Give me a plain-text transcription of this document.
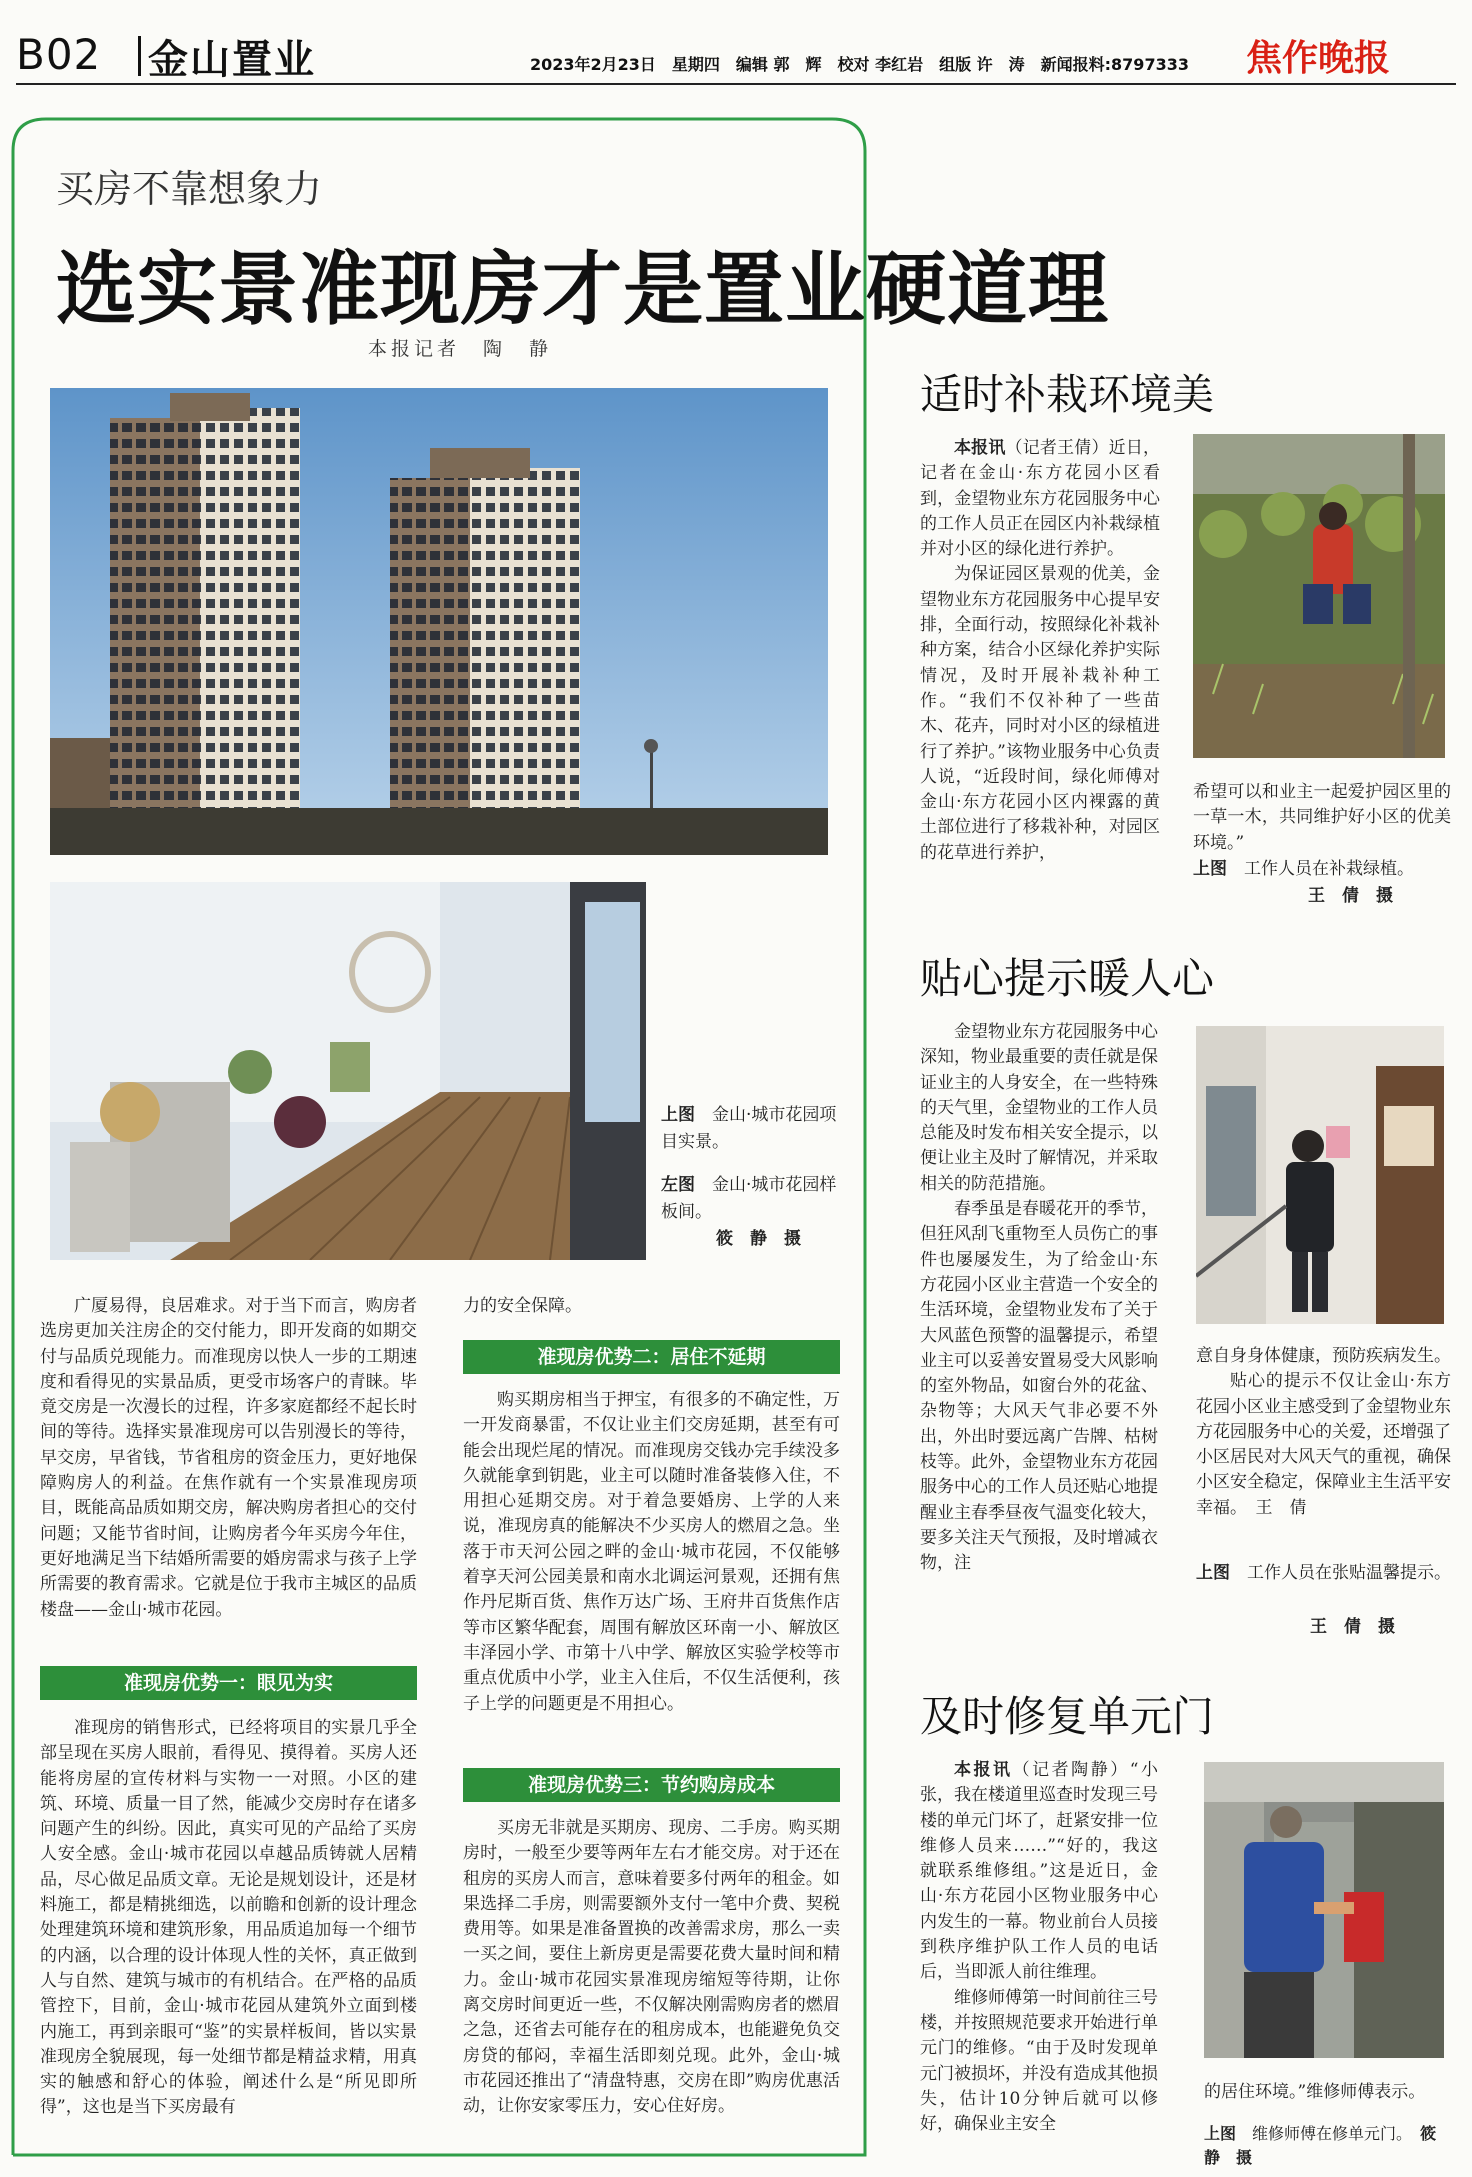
B02 金山置业	2023年2月23日　星期四　编辑 郭　辉　校对 李红岩　组版 许　涛　新闻报料:8797333 焦作晚报
买房不靠想象力
选实景准现房才是置业硬道理
本报记者　陶　静
上图　 金山·城市花园项目实景。
左图　 金山·城市花园样板间。
筱　静　摄

广厦易得，良居难求。对于当下而言，购房者选房更加关注房企的交付能力，即开发商的如期交付与品质兑现能力。而准现房以快人一步的工期速度和看得见的实景品质，更受市场客户的青睐。毕竟交房是一次漫长的过程，许多家庭都经不起长时间的等待。选择实景准现房可以告别漫长的等待，早交房，早省钱，节省租房的资金压力，更好地保障购房人的利益。在焦作就有一个实景准现房项目，既能高品质如期交房，解决购房者担心的交付问题；又能节省时间，让购房者今年买房今年住，更好地满足当下结婚所需要的婚房需求与孩子上学所需要的教育需求。它就是位于我市主城区的品质楼盘——金山·城市花园。

准现房优势一：眼见为实

准现房的销售形式，已经将项目的实景几乎全部呈现在买房人眼前，看得见、摸得着。买房人还能将房屋的宣传材料与实物一一对照。小区的建筑、环境、质量一目了然，能减少交房时存在诸多问题产生的纠纷。因此，真实可见的产品给了买房人安全感。金山·城市花园以卓越品质铸就人居精品，尽心做足品质文章。无论是规划设计，还是材料施工，都是精挑细选，以前瞻和创新的设计理念处理建筑环境和建筑形象，用品质追加每一个细节的内涵，以合理的设计体现人性的关怀，真正做到人与自然、建筑与城市的有机结合。在严格的品质管控下，目前，金山·城市花园从建筑外立面到楼内施工，再到亲眼可“鉴”的实景样板间，皆以实景准现房全貌展现，每一处细节都是精益求精，用真实的触感和舒心的体验，阐述什么是“所见即所得”，这也是当下买房最有

力的安全保障。
准现房优势二：居住不延期

购买期房相当于押宝，有很多的不确定性，万一开发商暴雷，不仅让业主们交房延期，甚至有可能会出现烂尾的情况。而准现房交钱办完手续没多久就能拿到钥匙，业主可以随时准备装修入住，不用担心延期交房。对于着急要婚房、上学的人来说，准现房真的能解决不少买房人的燃眉之急。坐落于市天河公园之畔的金山·城市花园，不仅能够着享天河公园美景和南水北调运河景观，还拥有焦作丹尼斯百货、焦作万达广场、王府井百货焦作店等市区繁华配套，周围有解放区环南一小、解放区丰泽园小学、市第十八中学、解放区实验学校等市重点优质中小学，业主入住后，不仅生活便利，孩子上学的问题更是不用担心。

准现房优势三：节约购房成本

买房无非就是买期房、现房、二手房。购买期房时，一般至少要等两年左右才能交房。对于还在租房的买房人而言，意味着要多付两年的租金。如果选择二手房，则需要额外支付一笔中介费、契税费用等。如果是准备置换的改善需求房，那么一卖一买之间，要住上新房更是需要花费大量时间和精力。金山·城市花园实景准现房缩短等待期，让你离交房时间更近一些，不仅解决刚需购房者的燃眉之急，还省去可能存在的租房成本，也能避免负交房贷的郁闷，幸福生活即刻兑现。此外，金山·城市花园还推出了“清盘特惠，交房在即”购房优惠活动，让你安家零压力，安心住好房。

适时补栽环境美

本报讯（记者王倩）近日，记者在金山·东方花园小区看到，金望物业东方花园服务中心的工作人员正在园区内补栽绿植并对小区的绿化进行养护。

为保证园区景观的优美，金望物业东方花园服务中心提早安排，全面行动，按照绿化补栽补种方案，结合小区绿化养护实际情况，及时开展补栽补种工作。“我们不仅补种了一些苗木、花卉，同时对小区的绿植进行了养护。”该物业服务中心负责人说，“近段时间，绿化师傅对金山·东方花园小区内裸露的黄土部位进行了移栽补种，对园区的花草进行养护，

希望可以和业主一起爱护园区里的一草一木，共同维护好小区的优美环境。”
上图　 工作人员在补栽绿植。
王　倩　摄
贴心提示暖人心

金望物业东方花园服务中心深知，物业最重要的责任就是保证业主的人身安全，在一些特殊的天气里，金望物业的工作人员总能及时发布相关安全提示，以便让业主及时了解情况，并采取相关的防范措施。

春季虽是春暖花开的季节，但狂风刮飞重物至人员伤亡的事件也屡屡发生，为了给金山·东方花园小区业主营造一个安全的生活环境，金望物业发布了关于大风蓝色预警的温馨提示，希望业主可以妥善安置易受大风影响的室外物品，如窗台外的花盆、杂物等；大风天气非必要不外出，外出时要远离广告牌、枯树枝等。此外，金望物业东方花园服务中心的工作人员还贴心地提醒业主春季昼夜气温变化较大，要多关注天气预报，及时增减衣物，注

意自身身体健康，预防疾病发生。

贴心的提示不仅让金山·东方花园小区业主感受到了金望物业东方花园服务中心的关爱，还增强了小区居民对大风天气的重视，确保小区安全稳定，保障业主生活平安幸福。　 王　倩

上图　 工作人员在张贴温馨提示。
王　倩　摄
及时修复单元门

本报讯（记者陶静）“小张，我在楼道里巡查时发现三号楼的单元门坏了，赶紧安排一位维修人员来……”“好的，我这就联系维修组。”这是近日，金山·东方花园小区物业服务中心内发生的一幕。物业前台人员接到秩序维护队工作人员的电话后，当即派人前往维理。

维修师傅第一时间前往三号楼，并按照规范要求开始进行单元门的维修。“由于及时发现单元门被损坏，并没有造成其他损失，估计10分钟后就可以修好，确保业主安全

的居住环境。”维修师傅表示。
上图　 维修师傅在修单元门。　 筱　静　摄
